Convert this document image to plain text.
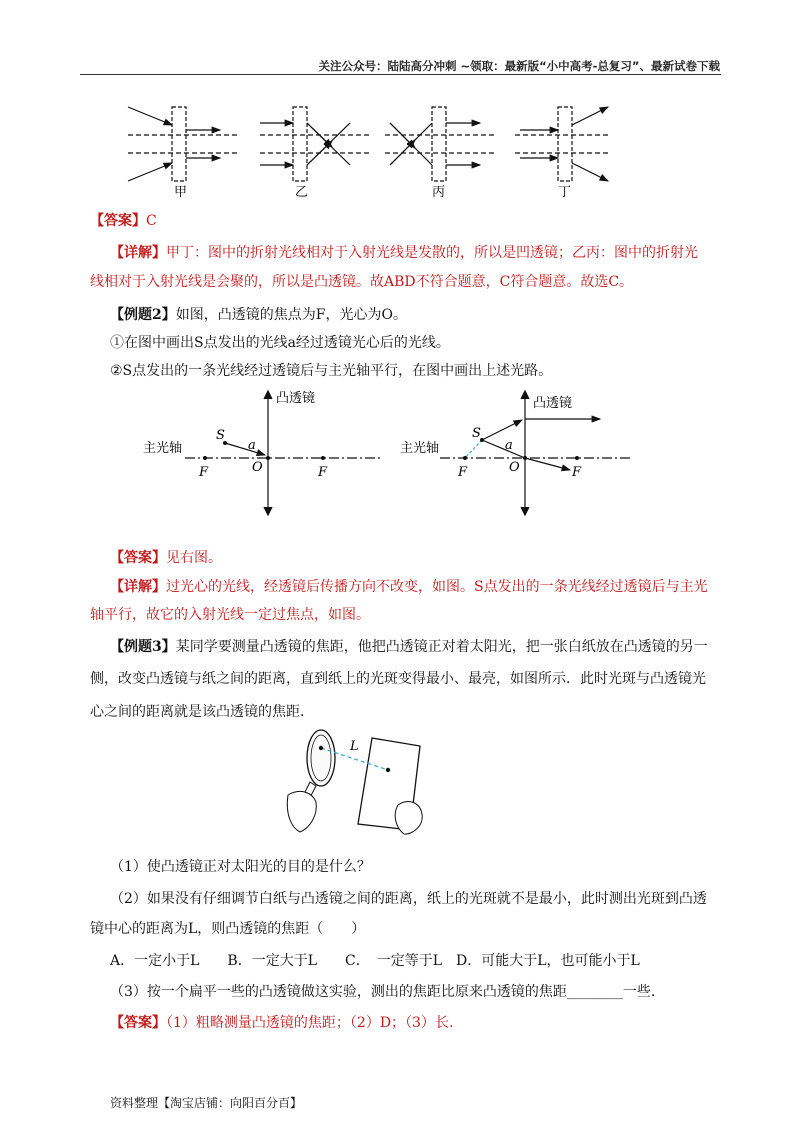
关注公众号：陆陆高分冲刺 ~领取：最新版“小中高考-总复习”、最新试卷下载
甲	乙	丙	丁
【答案】C
【详解】甲丁：图中的折射光线相对于入射光线是发散的，所以是凹透镜；乙丙：图中的折射光
线相对于入射光线是会聚的，所以是凸透镜。故ABD不符合题意，C符合题意。故选C。
【例题2】如图，凸透镜的焦点为F，光心为O。
①在图中画出S点发出的光线a经过透镜光心后的光线。
②S点发出的一条光线经过透镜后与主光轴平行，在图中画出上述光路。
凸透镜
主光轴
S
a
O
F	F
凸透镜
主光轴
S
a
O
F	F
【答案】见右图。
【详解】过光心的光线，经透镜后传播方向不改变，如图。S点发出的一条光线经过透镜后与主光
轴平行，故它的入射光线一定过焦点，如图。
【例题3】某同学要测量凸透镜的焦距，他把凸透镜正对着太阳光，把一张白纸放在凸透镜的另一
侧，改变凸透镜与纸之间的距离，直到纸上的光斑变得最小、最亮，如图所示．此时光斑与凸透镜光
心之间的距离就是该凸透镜的焦距．
L
（1）使凸透镜正对太阳光的目的是什么？
（2）如果没有仔细调节白纸与凸透镜之间的距离，纸上的光斑就不是最小，此时测出光斑到凸透
镜中心的距离为L，则凸透镜的焦距（　　）
A．一定小于L　　B．一定大于L　　C．　一定等于L　D．可能大于L，也可能小于L
（3）按一个扁平一些的凸透镜做这实验，测出的焦距比原来凸透镜的焦距________一些．
【答案】（1）粗略测量凸透镜的焦距；（2）D；（3）长.
资料整理【淘宝店铺：向阳百分百】
